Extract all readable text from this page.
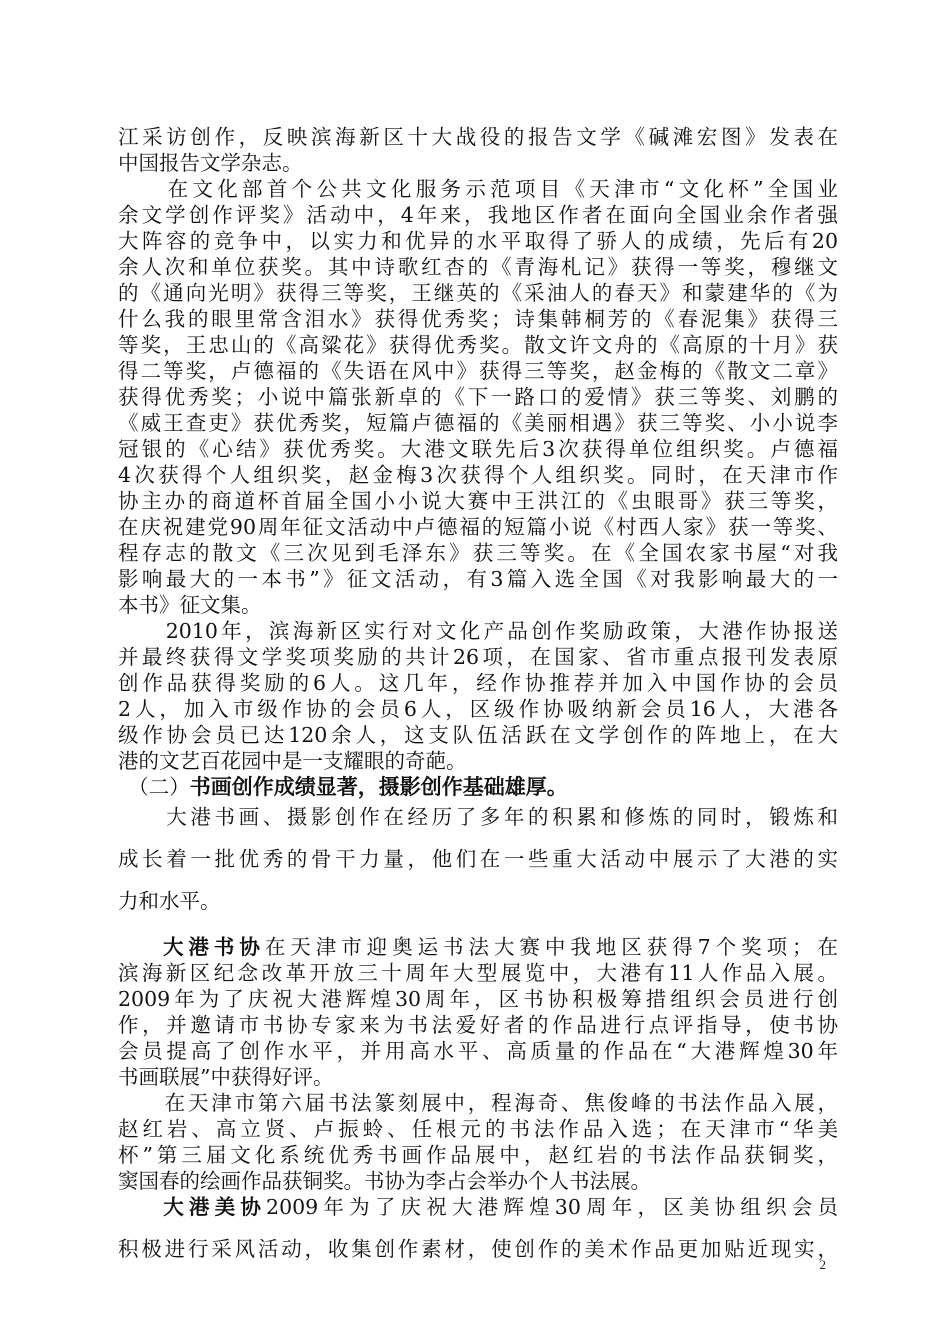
江采访创作，反映滨海新区十大战役的报告文学《碱滩宏图》发表在
中国报告文学杂志。
　　在文化部首个公共文化服务示范项目《天津市“文化杯”全国业
余文学创作评奖》活动中，4年来，我地区作者在面向全国业余作者强
大阵容的竞争中，以实力和优异的水平取得了骄人的成绩，先后有20
余人次和单位获奖。其中诗歌红杏的《青海札记》获得一等奖，穆继文
的《通向光明》获得三等奖，王继英的《采油人的春天》和蒙建华的《为
什么我的眼里常含泪水》获得优秀奖；诗集韩桐芳的《春泥集》获得三
等奖，王忠山的《高粱花》获得优秀奖。散文许文舟的《高原的十月》获
得二等奖，卢德福的《失语在风中》获得三等奖，赵金梅的《散文二章》
获得优秀奖；小说中篇张新卓的《下一路口的爱情》获三等奖、刘鹏的
《威王查吏》获优秀奖，短篇卢德福的《美丽相遇》获三等奖、小小说李
冠银的《心结》获优秀奖。大港文联先后3次获得单位组织奖。卢德福
4次获得个人组织奖，赵金梅3次获得个人组织奖。同时，在天津市作
协主办的商道杯首届全国小小说大赛中王洪江的《虫眼哥》获三等奖，
在庆祝建党90周年征文活动中卢德福的短篇小说《村西人家》获一等奖、
程存志的散文《三次见到毛泽东》获三等奖。在《全国农家书屋“对我
影响最大的一本书”》征文活动，有3篇入选全国《对我影响最大的一
本书》征文集。
　　2010年，滨海新区实行对文化产品创作奖励政策，大港作协报送
并最终获得文学奖项奖励的共计26项，在国家、省市重点报刊发表原
创作品获得奖励的6人。这几年，经作协推荐并加入中国作协的会员
2人，加入市级作协的会员6人，区级作协吸纳新会员16人，大港各
级作协会员已达120余人，这支队伍活跃在文学创作的阵地上，在大
港的文艺百花园中是一支耀眼的奇葩。
　（二）书画创作成绩显著，摄影创作基础雄厚。
　　大港书画、摄影创作在经历了多年的积累和修炼的同时，锻炼和
成长着一批优秀的骨干力量，他们在一些重大活动中展示了大港的实
力和水平。
大港书协在天津市迎奥运书法大赛中我地区获得7个奖项；在
滨海新区纪念改革开放三十周年大型展览中，大港有11人作品入展。
2009年为了庆祝大港辉煌30周年，区书协积极筹措组织会员进行创
作，并邀请市书协专家来为书法爱好者的作品进行点评指导，使书协
会员提高了创作水平，并用高水平、高质量的作品在“大港辉煌30年
书画联展”中获得好评。
　　在天津市第六届书法篆刻展中，程海奇、焦俊峰的书法作品入展，
赵红岩、高立贤、卢振蛉、任根元的书法作品入选；在天津市“华美
杯”第三届文化系统优秀书画作品展中，赵红岩的书法作品获铜奖，
窦国春的绘画作品获铜奖。书协为李占会举办个人书法展。
大港美协2009年为了庆祝大港辉煌30周年，区美协组织会员
积极进行采风活动，收集创作素材，使创作的美术作品更加贴近现实，
2
